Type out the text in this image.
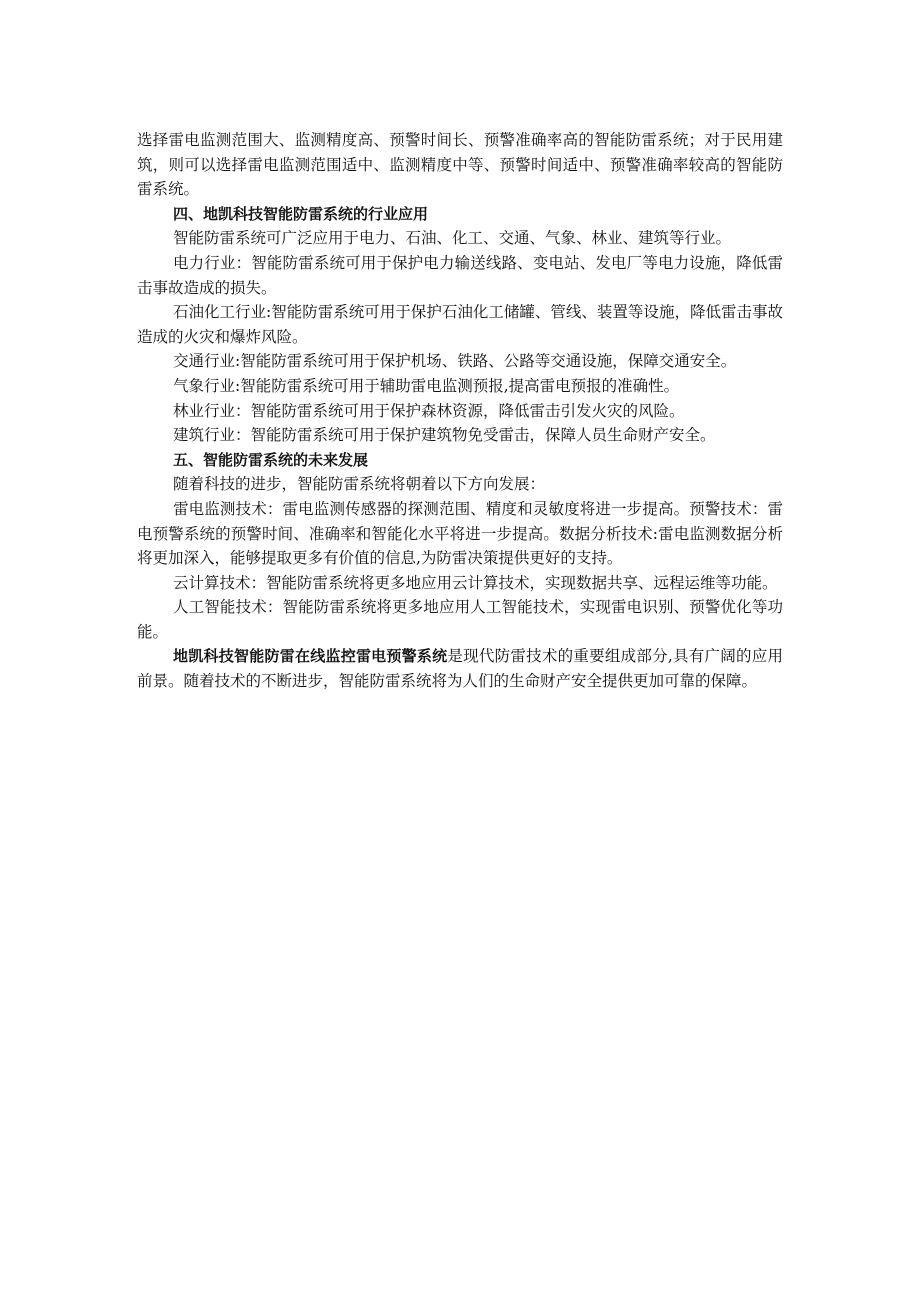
选择雷电监测范围大、监测精度高、预警时间长、预警准确率高的智能防雷系统；对于民用建筑，则可以选择雷电监测范围适中、监测精度中等、预警时间适中、预警准确率较高的智能防雷系统。

四、地凯科技智能防雷系统的行业应用

智能防雷系统可广泛应用于电力、石油、化工、交通、气象、林业、建筑等行业。

电力行业：智能防雷系统可用于保护电力输送线路、变电站、发电厂等电力设施，降低雷击事故造成的损失。

石油化工行业:智能防雷系统可用于保护石油化工储罐、管线、装置等设施，降低雷击事故造成的火灾和爆炸风险。

交通行业:智能防雷系统可用于保护机场、铁路、公路等交通设施，保障交通安全。

气象行业:智能防雷系统可用于辅助雷电监测预报,提高雷电预报的准确性。

林业行业：智能防雷系统可用于保护森林资源，降低雷击引发火灾的风险。

建筑行业：智能防雷系统可用于保护建筑物免受雷击，保障人员生命财产安全。

五、智能防雷系统的未来发展

随着科技的进步，智能防雷系统将朝着以下方向发展：

雷电监测技术：雷电监测传感器的探测范围、精度和灵敏度将进一步提高。预警技术：雷电预警系统的预警时间、准确率和智能化水平将进一步提高。数据分析技术:雷电监测数据分析将更加深入，能够提取更多有价值的信息,为防雷决策提供更好的支持。

云计算技术：智能防雷系统将更多地应用云计算技术，实现数据共享、远程运维等功能。

人工智能技术：智能防雷系统将更多地应用人工智能技术，实现雷电识别、预警优化等功能。

地凯科技智能防雷在线监控雷电预警系统是现代防雷技术的重要组成部分,具有广阔的应用前景。随着技术的不断进步，智能防雷系统将为人们的生命财产安全提供更加可靠的保障。
